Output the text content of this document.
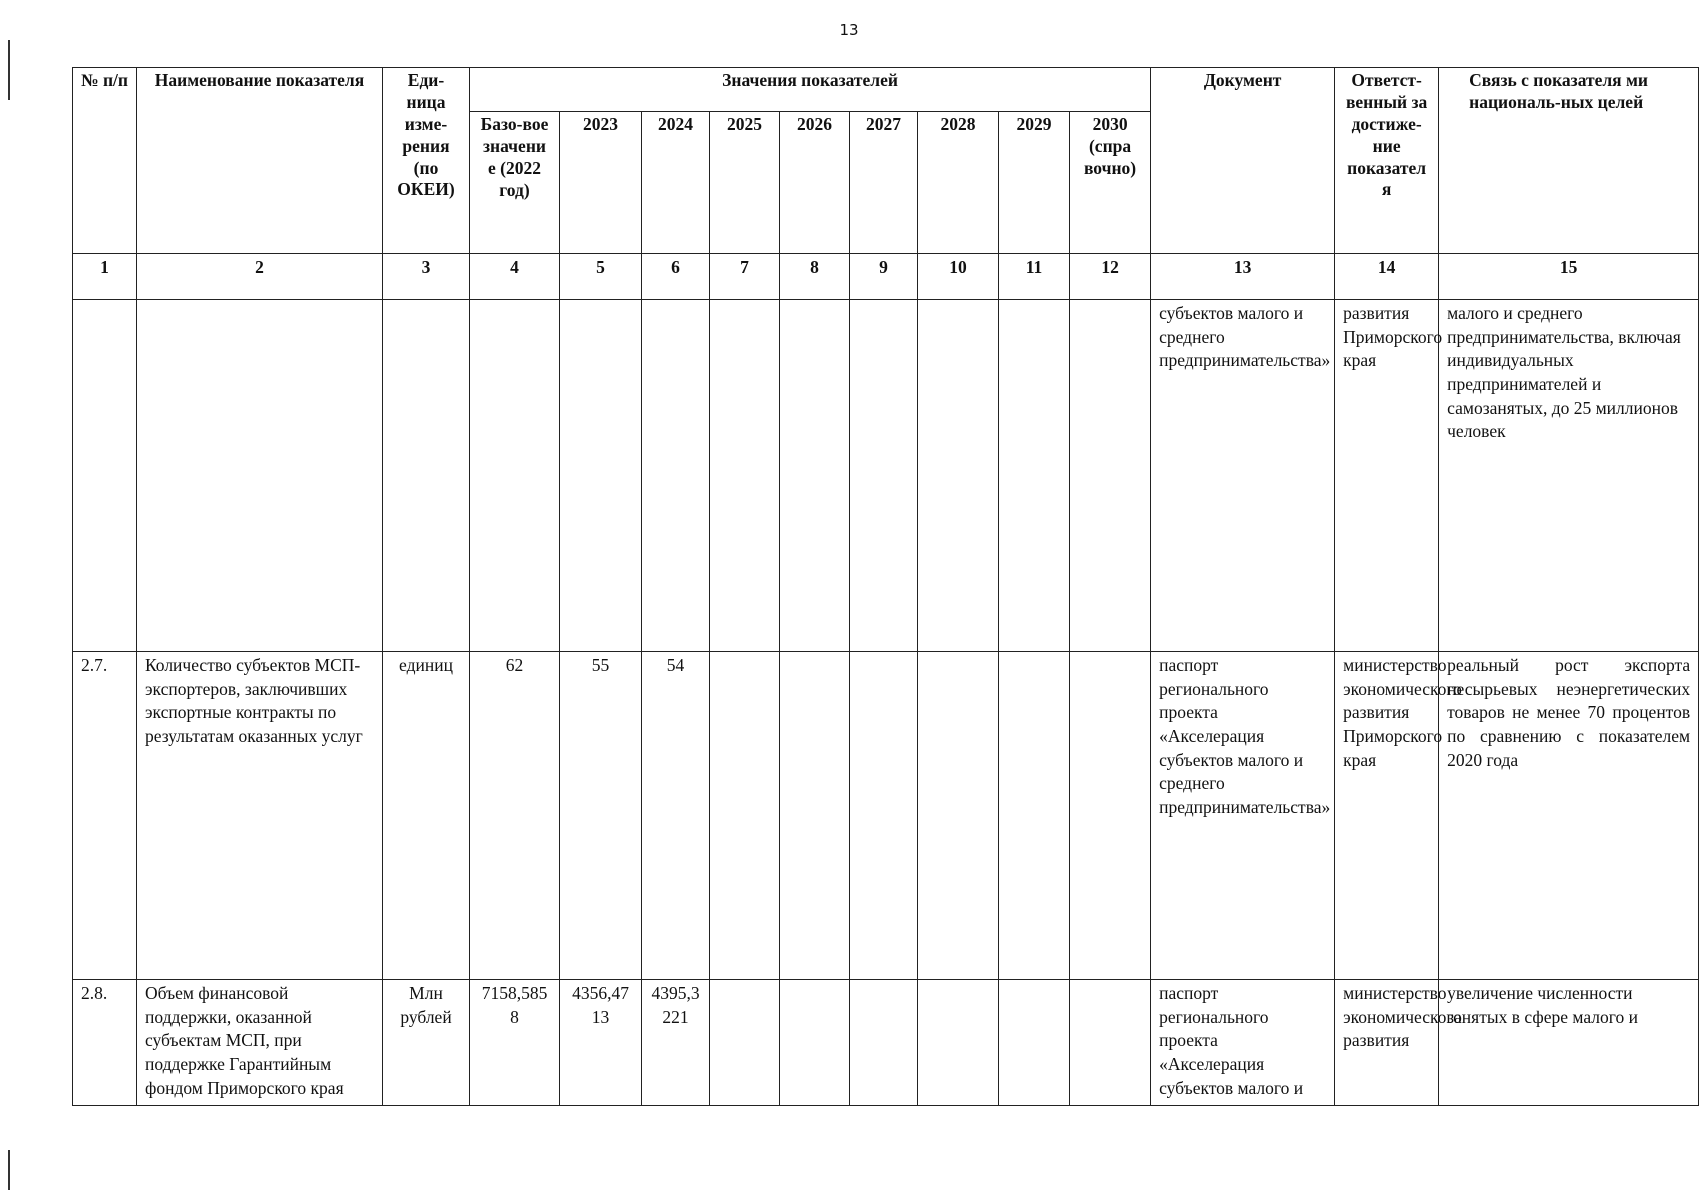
13
№ п/п	Наименование показателя	Еди-ница изме-рения (по ОКЕИ)	Значения показателей									Документ	Ответст-венный за достиже-ние показател я	Связь с показателя ми националь-ных целей
			Базо-вое значени е (2022 год)	2023	2024	2025	2026	2027	2028	2029	2030 (спра вочно)			
1	2	3	4	5	6	7	8	9	10	11	12	13	14	15
												субъектов малого и среднего предпринимательства»	развития Приморского края	малого и среднего предпринимательства, включая индивидуальных предпринимателей и самозанятых, до 25 миллионов человек
2.7.	Количество субъектов МСП-экспортеров, заключивших экспортные контракты по результатам оказанных услуг	единиц	62	55	54							паспорт регионального проекта «Акселерация субъектов малого и среднего предпринимательства»	министерство экономического развития Приморского края	реальный рост экспорта несырьевых неэнергетических товаров не менее 70 процентов по сравнению с показателем 2020 года
2.8.	Объем финансовой поддержки, оказанной субъектам МСП, при поддержке Гарантийным фондом Приморского края	Млн рублей	7158,5858	4356,4713	4395,3221							паспорт регионального проекта «Акселерация субъектов малого и	министерство экономического развития	увеличение численности занятых в сфере малого и
